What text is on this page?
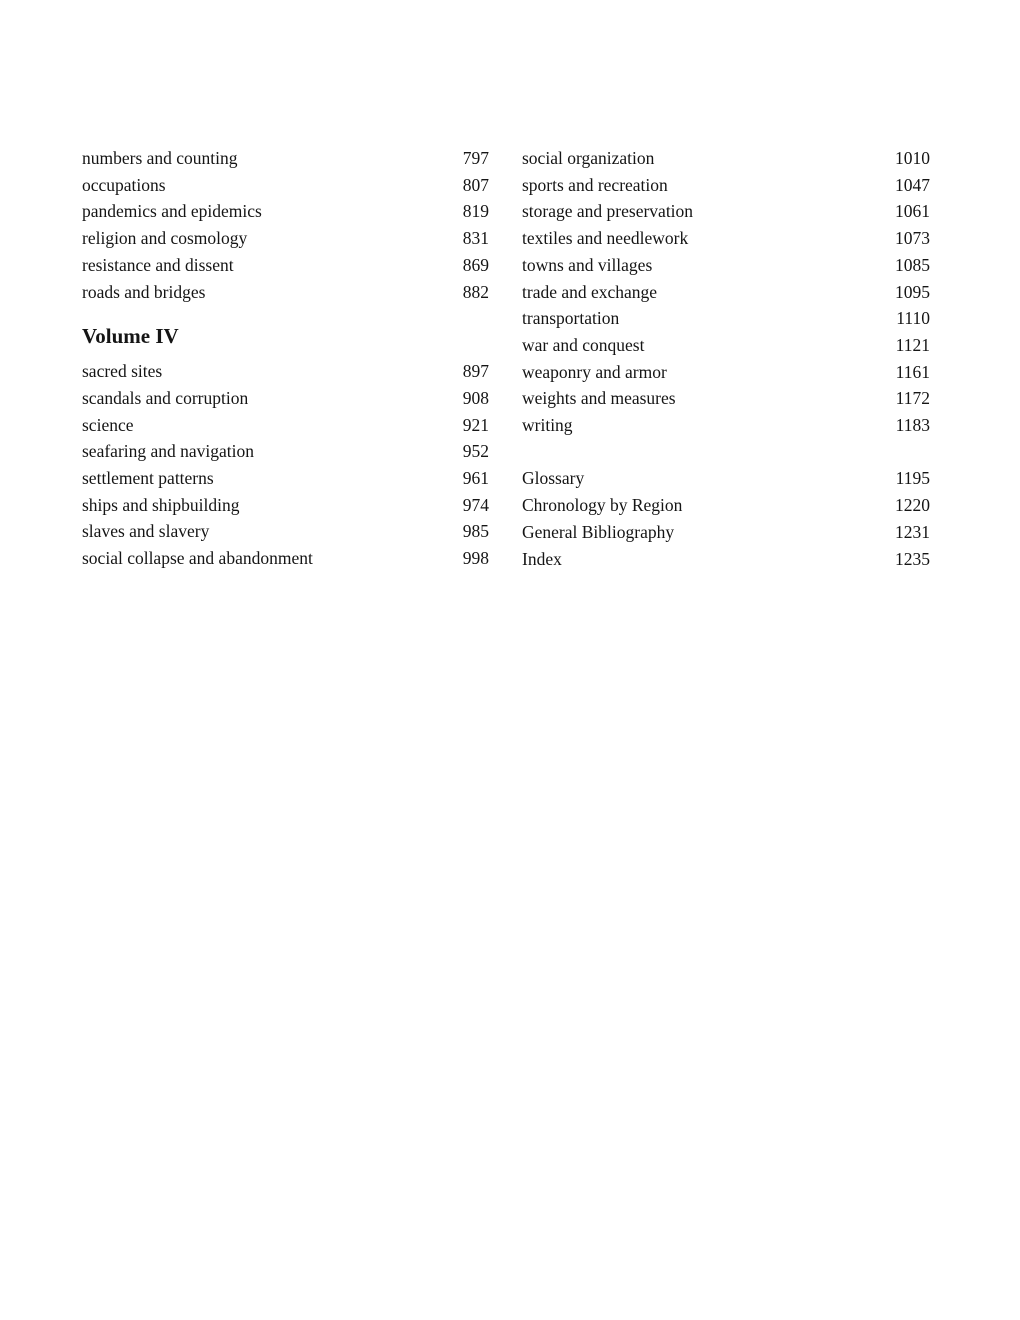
numbers and counting	797
occupations	807
pandemics and epidemics	819
religion and cosmology	831
resistance and dissent	869
roads and bridges	882
Volume IV
sacred sites	897
scandals and corruption	908
science	921
seafaring and navigation	952
settlement patterns	961
ships and shipbuilding	974
slaves and slavery	985
social collapse and abandonment	998
social organization	1010
sports and recreation	1047
storage and preservation	1061
textiles and needlework	1073
towns and villages	1085
trade and exchange	1095
transportation	1110
war and conquest	1121
weaponry and armor	1161
weights and measures	1172
writing	1183
Glossary	1195
Chronology by Region	1220
General Bibliography	1231
Index	1235
